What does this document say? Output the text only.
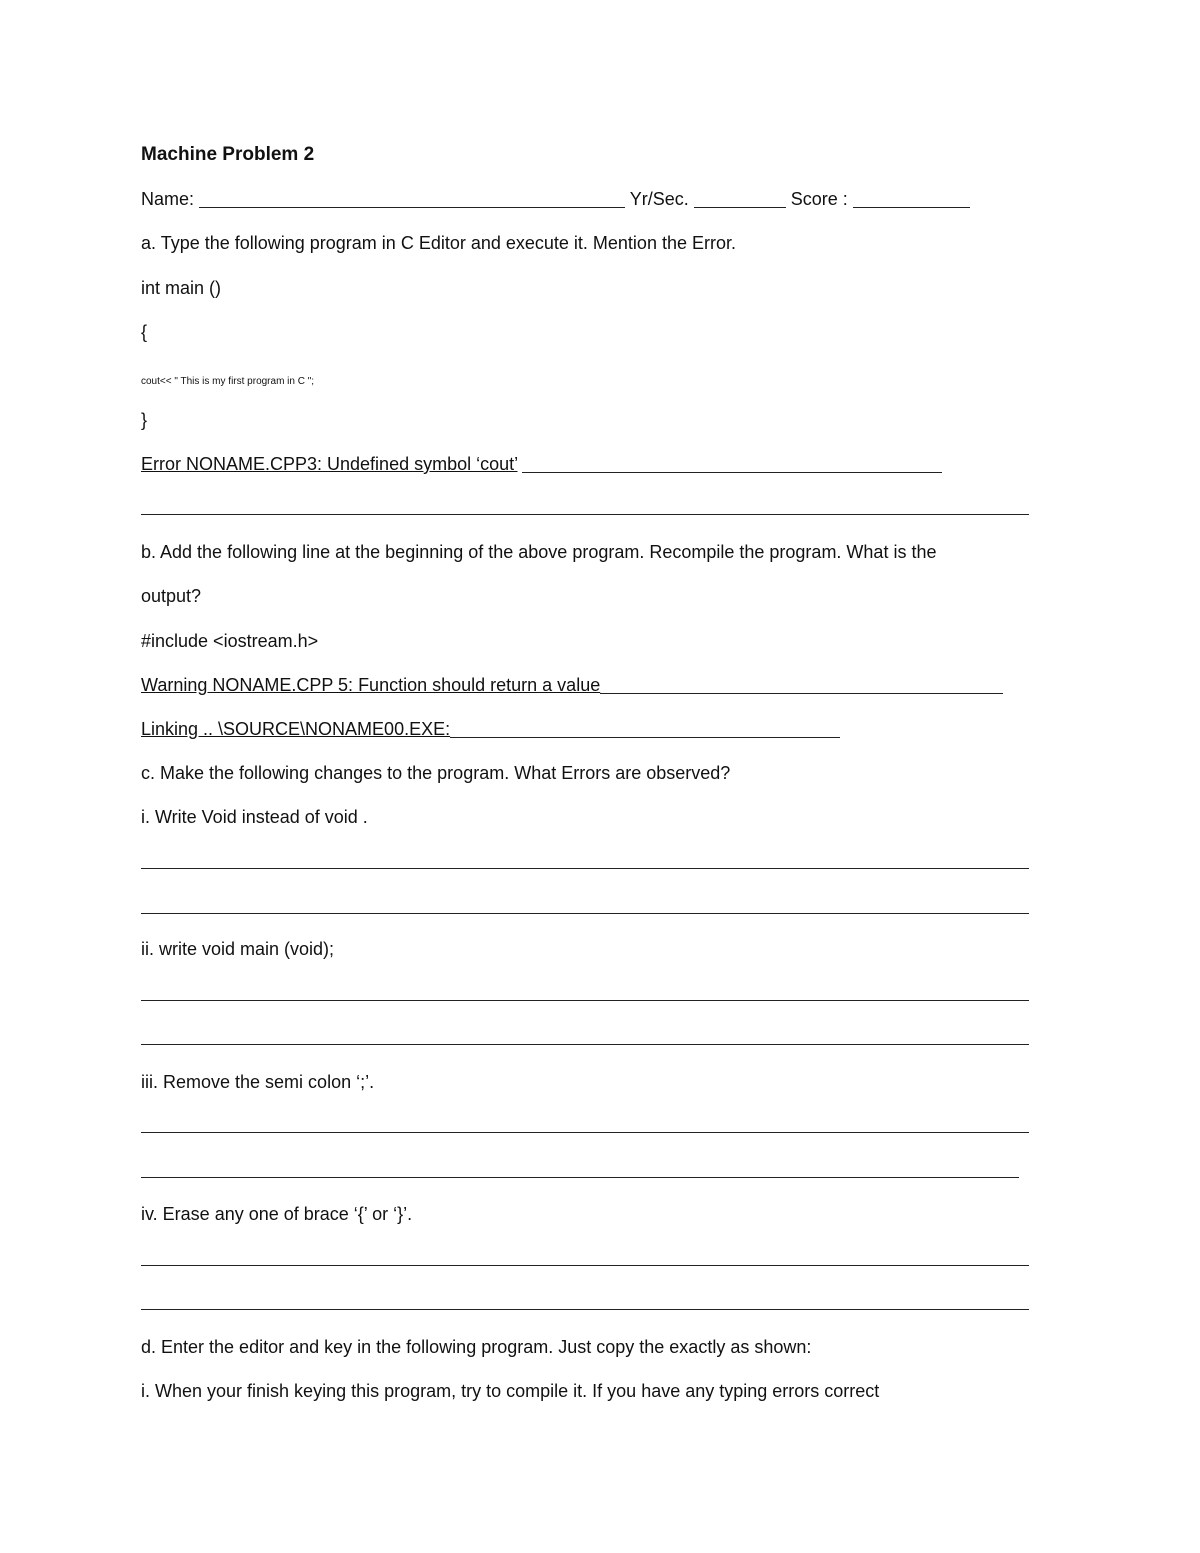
Machine Problem 2
Name:	Yr/Sec.	Score :
a. Type the following program in C Editor and execute it. Mention the Error.
int main ()
{
cout<< " This is my first program in C ";
}
Error NONAME.CPP3: Undefined symbol ‘cout’
b. Add the following line at the beginning of the above program. Recompile the program. What is the
output?
#include <iostream.h>
Warning NONAME.CPP 5: Function should return a value
Linking .. \SOURCE\NONAME00.EXE:
c. Make the following changes to the program. What Errors are observed?
i. Write Void instead of void .
ii. write void main (void);
iii. Remove the semi colon ‘;’.
iv. Erase any one of brace ‘{’ or ‘}’.
d. Enter the editor and key in the following program. Just copy the exactly as shown:
i. When your finish keying this program, try to compile it. If you have any typing errors correct
